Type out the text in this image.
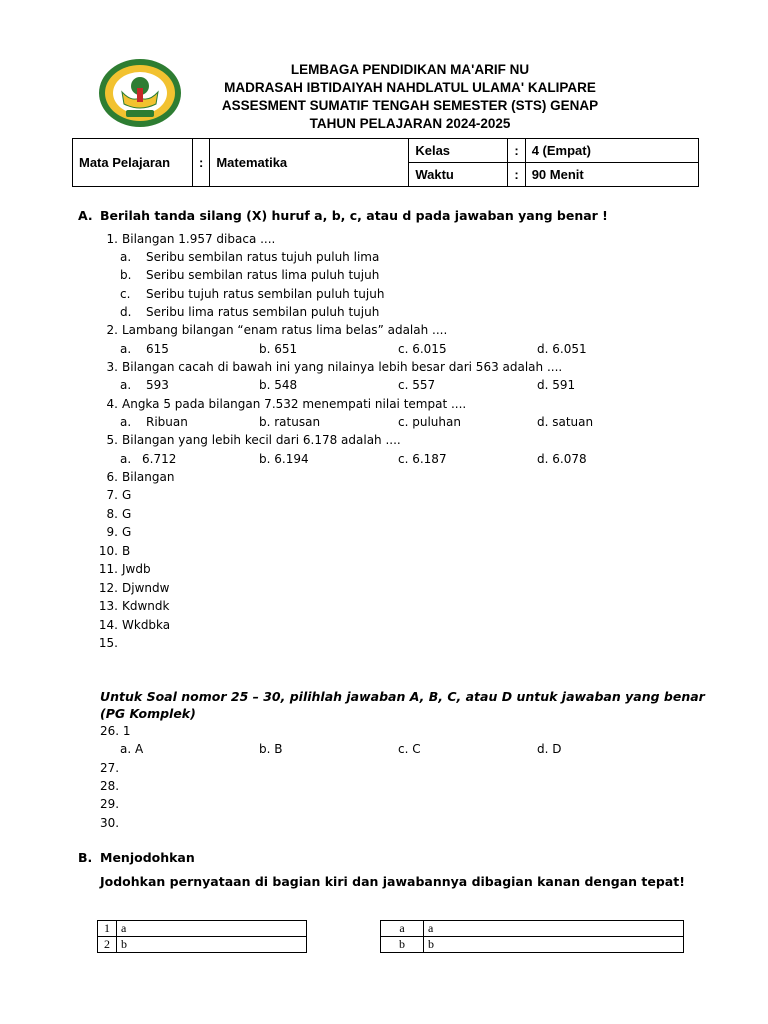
LEMBAGA PENDIDIKAN MA'ARIF NU
MADRASAH IBTIDAIYAH NAHDLATUL ULAMA' KALIPARE
ASSESMENT SUMATIF TENGAH SEMESTER (STS) GENAP
TAHUN PELAJARAN 2024-2025
Mata Pelajaran	:	Matematika	Kelas	:	4 (Empat)
			Waktu	:	90 Menit
A. Berilah tanda silang (X) huruf a, b, c, atau d pada jawaban yang benar !
1. Bilangan 1.957 dibaca ....
a. Seribu sembilan ratus tujuh puluh lima
b. Seribu sembilan ratus lima puluh tujuh
c. Seribu tujuh ratus sembilan puluh tujuh
d. Seribu lima ratus sembilan puluh tujuh
2. Lambang bilangan “enam ratus lima belas” adalah ....
a. 615	b. 651	c. 6.015	d. 6.051
3. Bilangan cacah di bawah ini yang nilainya lebih besar dari 563 adalah ....
a. 593	b. 548	c. 557	d. 591
4. Angka 5 pada bilangan 7.532 menempati nilai tempat ....
a. Ribuan	b. ratusan	c. puluhan	d. satuan
5. Bilangan yang lebih kecil dari 6.178 adalah ....
a. 6.712	b. 6.194	c. 6.187	d. 6.078
6. Bilangan
7. G
8. G
9. G
10. B
11. Jwdb
12. Djwndw
13. Kdwndk
14. Wkdbka
15.
Untuk Soal nomor 25 – 30, pilihlah jawaban A, B, C, atau D untuk jawaban yang benar (PG Komplek)
26. 1
a. A	b. B	c. C	d. D
27.
28.
29.
30.
B. Menjodohkan
Jodohkan pernyataan di bagian kiri dan jawabannya dibagian kanan dengan tepat!
1	a
2	b
a	a
b	b
